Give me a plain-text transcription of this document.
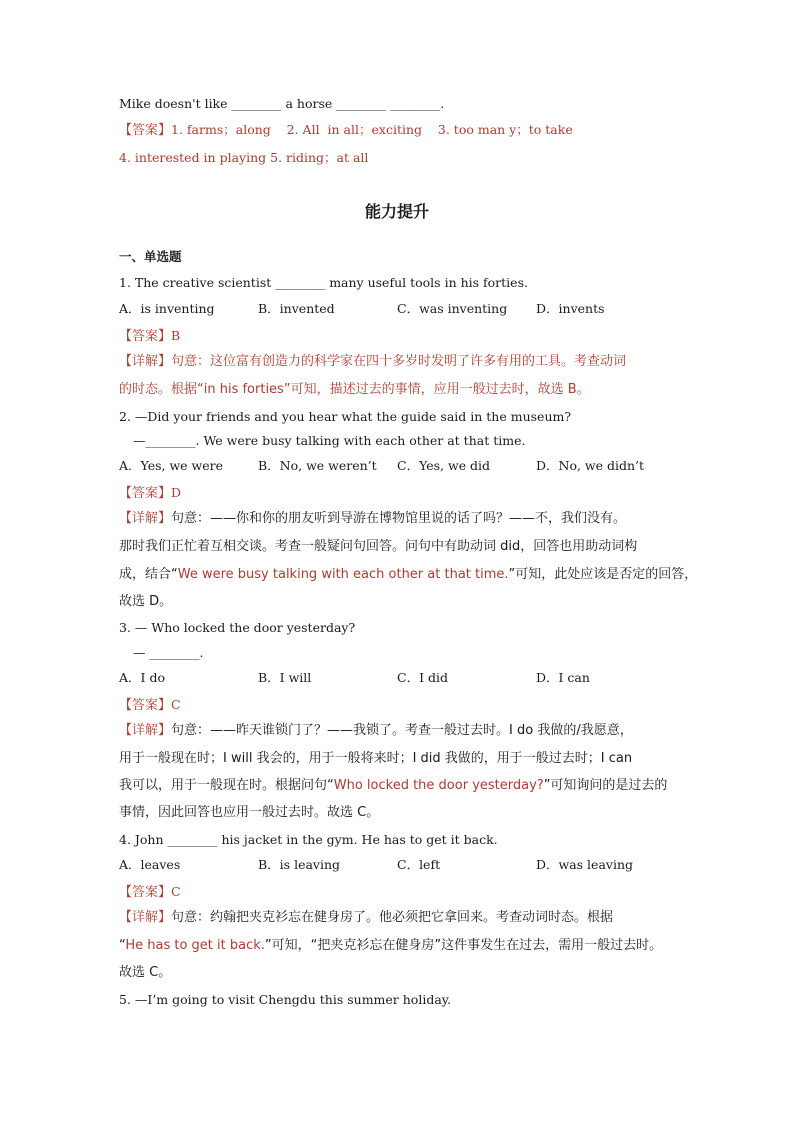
Mike doesn't like ________ a horse ________ ________.
【答案】1. farms；along    2. All  in all；exciting    3. too man y；to take
4. interested in playing 5. riding；at all
能力提升
一、单选题
1. The creative scientist ________ many useful tools in his forties.
A．is inventing	B．invented	C．was inventing D．invents
【答案】B
【详解】句意：这位富有创造力的科学家在四十多岁时发明了许多有用的工具。考查动词
的时态。根据“in his forties”可知，描述过去的事情，应用一般过去时，故选 B。
2. —Did your friends and you hear what the guide said in the museum?
—________. We were busy talking with each other at that time.
A．Yes, we were	B．No, we weren’t C．Yes, we did	D．No, we didn’t
【答案】D
【详解】句意：——你和你的朋友听到导游在博物馆里说的话了吗？——不，我们没有。
那时我们正忙着互相交谈。考查一般疑问句回答。问句中有助动词 did，回答也用助动词构
成，结合“We were busy talking with each other at that time.”可知，此处应该是否定的回答，
故选 D。
3. — Who locked the door yesterday?
— ________.
A．I do	B．I will	C．I did	D．I can
【答案】C
【详解】句意：——昨天谁锁门了？——我锁了。考查一般过去时。I do 我做的/我愿意，
用于一般现在时；I will 我会的，用于一般将来时；I did 我做的，用于一般过去时；I can
我可以，用于一般现在时。根据问句“Who locked the door yesterday?”可知询问的是过去的
事情，因此回答也应用一般过去时。故选 C。
4. John ________ his jacket in the gym. He has to get it back.
A．leaves	B．is leaving	C．left	D．was leaving
【答案】C
【详解】句意：约翰把夹克衫忘在健身房了。他必须把它拿回来。考查动词时态。根据
“He has to get it back.”可知，“把夹克衫忘在健身房”这件事发生在过去，需用一般过去时。
故选 C。
5. —I’m going to visit Chengdu this summer holiday.
